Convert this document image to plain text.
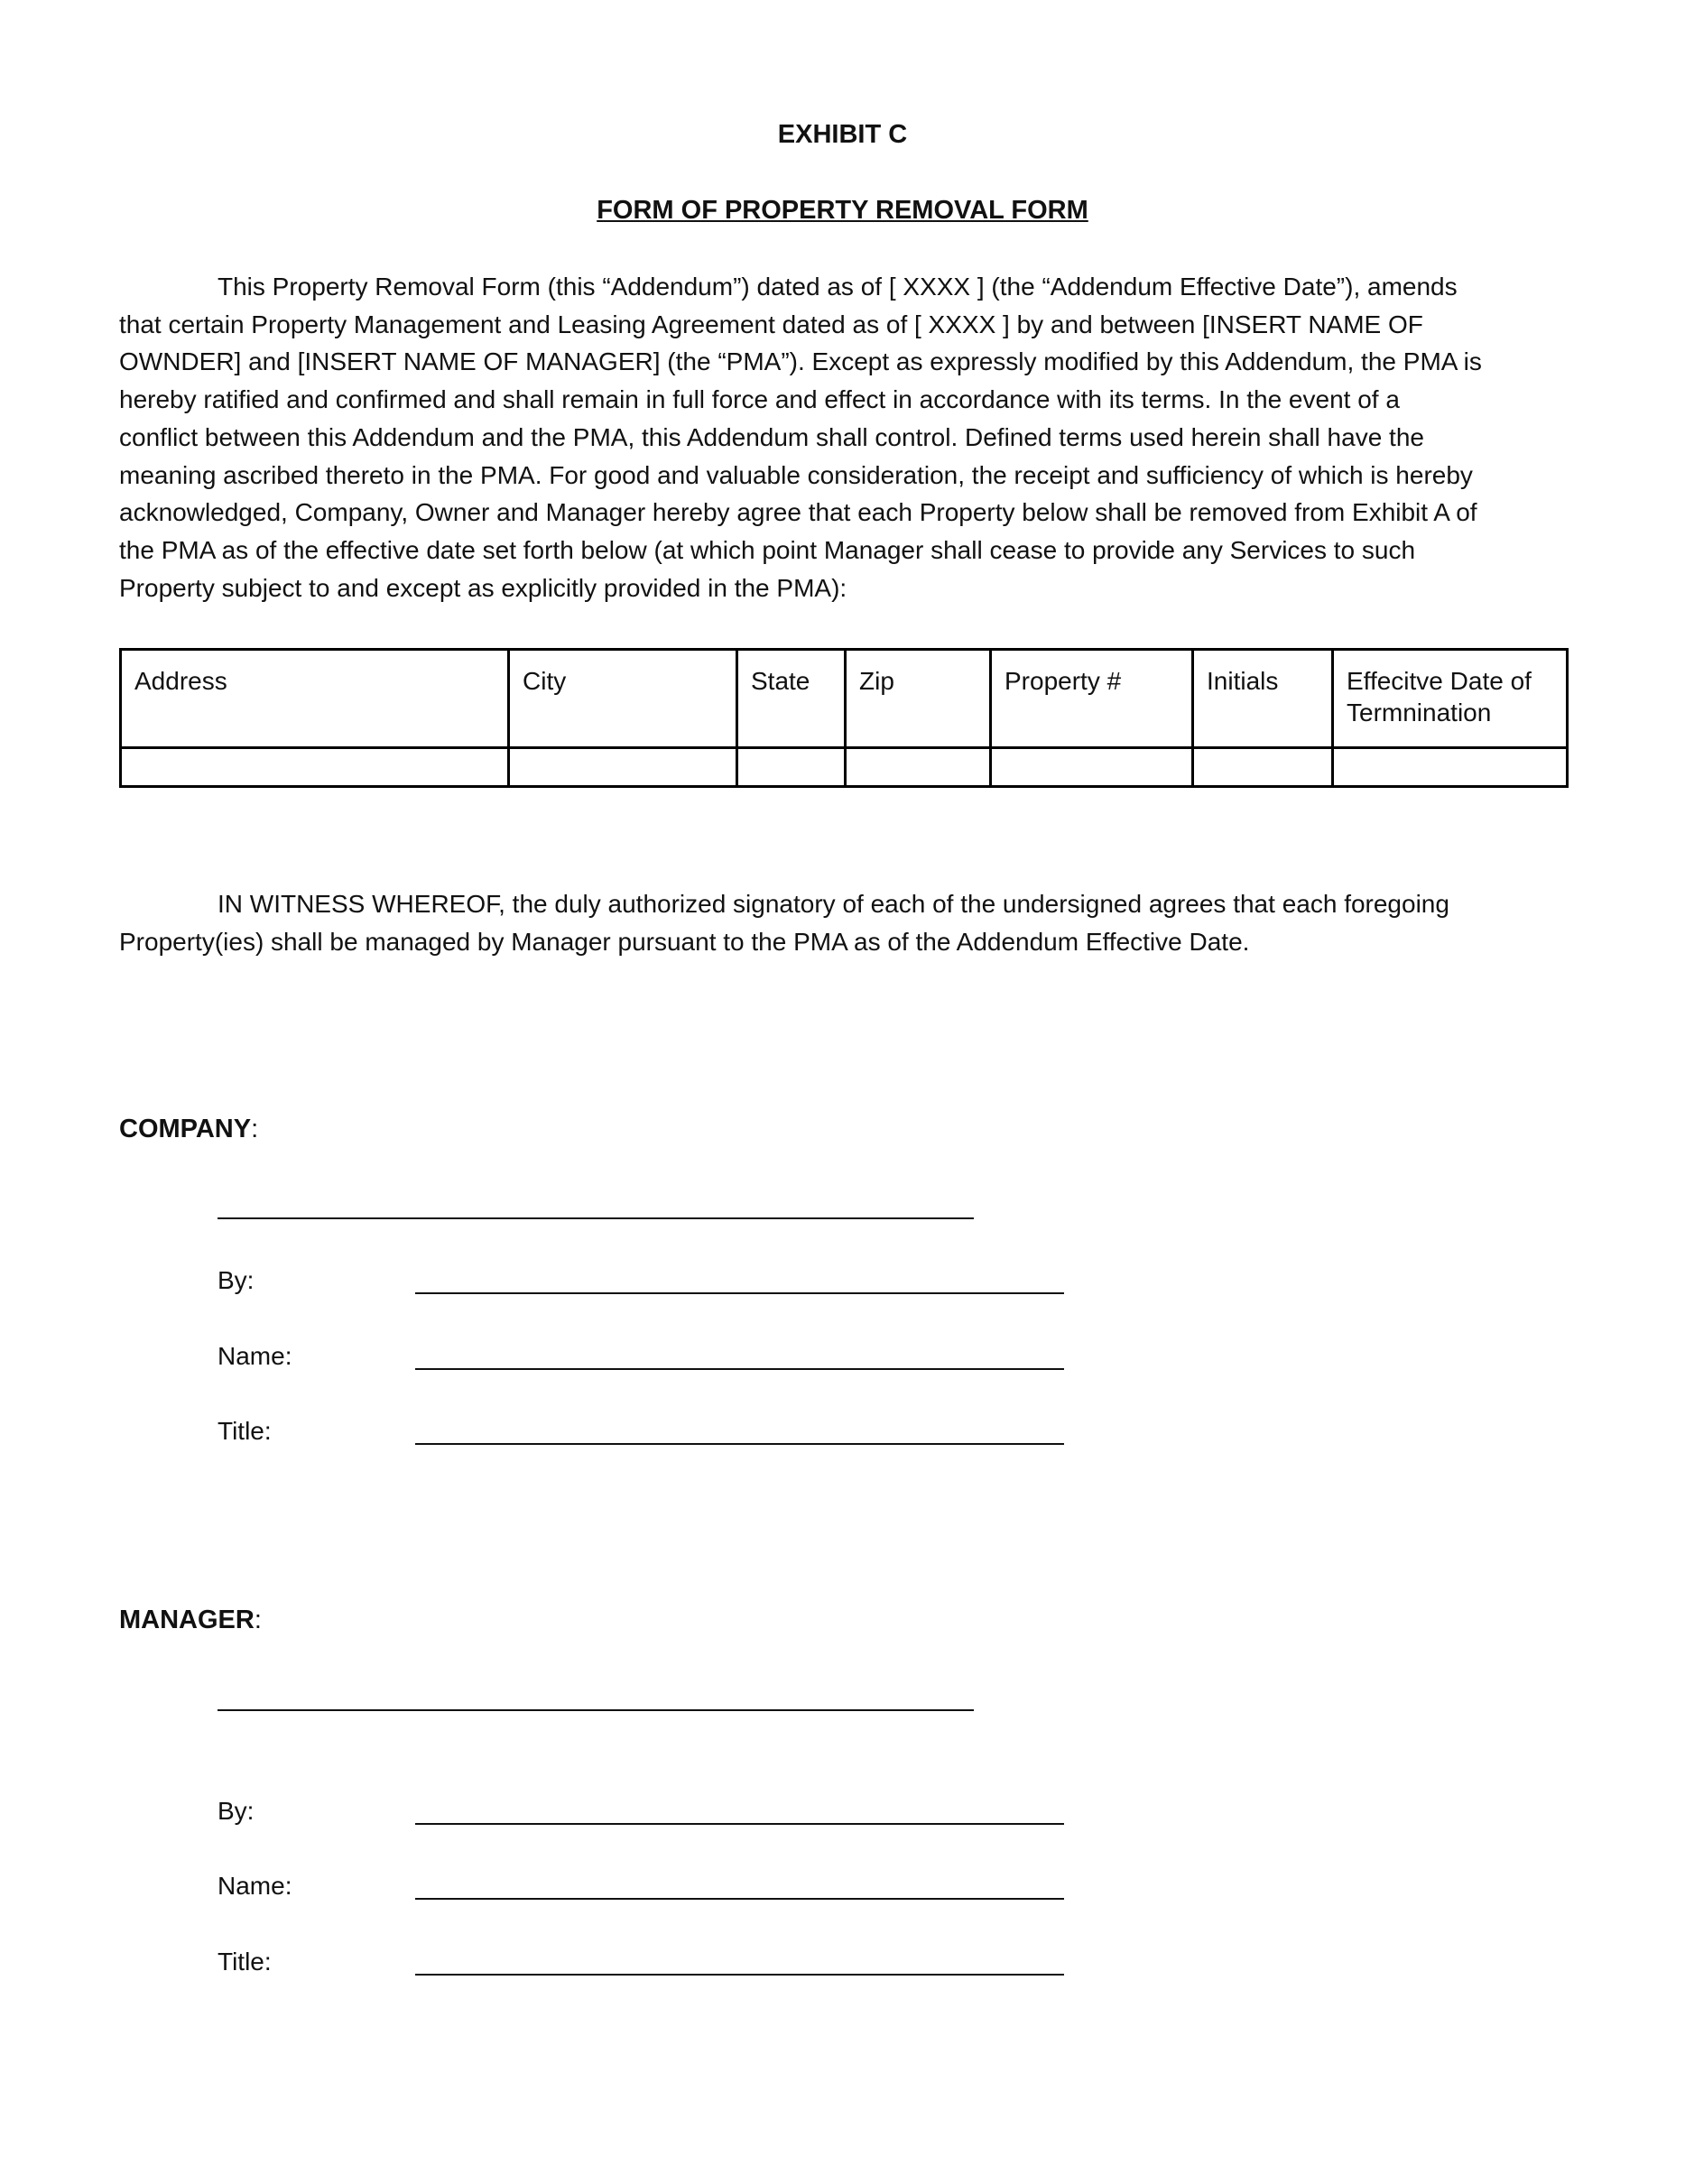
EXHIBIT C
FORM OF PROPERTY REMOVAL FORM
This Property Removal Form (this “Addendum”) dated as of [ XXXX ] (the “Addendum Effective Date”), amends
that certain Property Management and Leasing Agreement dated as of [ XXXX ] by and between [INSERT NAME OF
OWNDER] and [INSERT NAME OF MANAGER] (the “PMA”). Except as expressly modified by this Addendum, the PMA is
hereby ratified and confirmed and shall remain in full force and effect in accordance with its terms. In the event of a
conflict between this Addendum and the PMA, this Addendum shall control. Defined terms used herein shall have the
meaning ascribed thereto in the PMA. For good and valuable consideration, the receipt and sufficiency of which is hereby
acknowledged, Company, Owner and Manager hereby agree that each Property below shall be removed from Exhibit A of
the PMA as of the effective date set forth below (at which point Manager shall cease to provide any Services to such
Property subject to and except as explicitly provided in the PMA):
Address	City	State	Zip	Property #	Initials	Effecitve Date of Termnination

IN WITNESS WHEREOF, the duly authorized signatory of each of the undersigned agrees that each foregoing
Property(ies) shall be managed by Manager pursuant to the PMA as of the Addendum Effective Date.
COMPANY:
By:
Name:
Title:
MANAGER:
By:
Name:
Title:
